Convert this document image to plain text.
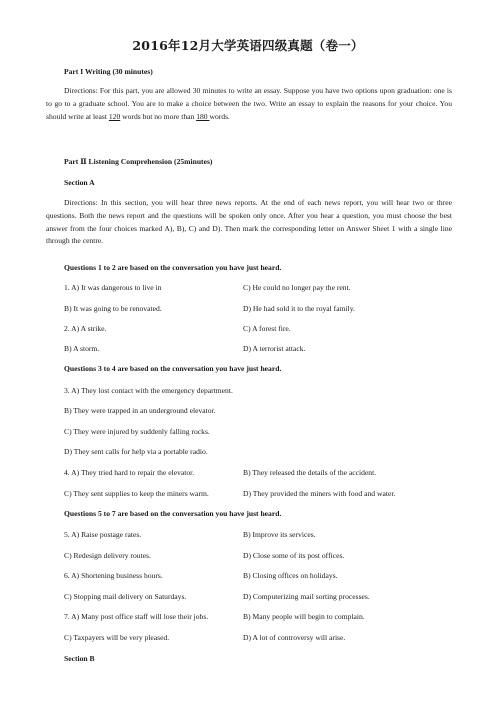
2016年12月大学英语四级真题（卷一）
Part I Writing (30 minutes)
Directions: For this part, you are allowed 30 minutes to write an essay. Suppose you have two options upon graduation: one is to go to a graduate school. You are to make a choice between the two. Write an essay to explain the reasons for your choice. You should write at least 120 words but no more than 180 words.
Part Ⅱ Listening Comprehension (25minutes)
Section A
Directions: In this section, you will hear three news reports. At the end of each news report, you will hear two or three questions. Both the news report and the questions will be spoken only once. After you hear a question, you must choose the best answer from the four choices marked A), B), C) and D). Then mark the corresponding letter on Answer Sheet 1 with a single line through the centre.
Questions 1 to 2 are based on the conversation you have just heard.
1. A) It was dangerous to live in	C) He could no longer pay the rent.
B) It was going to be renovated.	D) He had sold it to the royal family.
2. A) A strike.	C) A forest fire.
B) A storm.	D) A terrorist attack.
Questions 3 to 4 are based on the conversation you have just heard.
3. A) They lost contact with the emergency department.
B) They were trapped in an underground elevator.
C) They were injured by suddenly falling rocks.
D) They sent calls for help via a portable radio.
4. A) They tried hard to repair the elevator.	B) They released the details of the accident.
C) They sent supplies to keep the miners warm.	D) They provided the miners with food and water.
Questions 5 to 7 are based on the conversation you have just heard.
5. A) Raise postage rates.	B) Improve its services.
C) Redesign delivery routes.	D) Close some of its post offices.
6. A) Shortening business hours.	B) Closing offices on holidays.
C) Stopping mail delivery on Saturdays.	D) Computerizing mail sorting processes.
7. A) Many post office staff will lose their jobs.	B) Many people will begin to complain.
C) Taxpayers will be very pleased.	D) A lot of controversy will arise.
Section B
